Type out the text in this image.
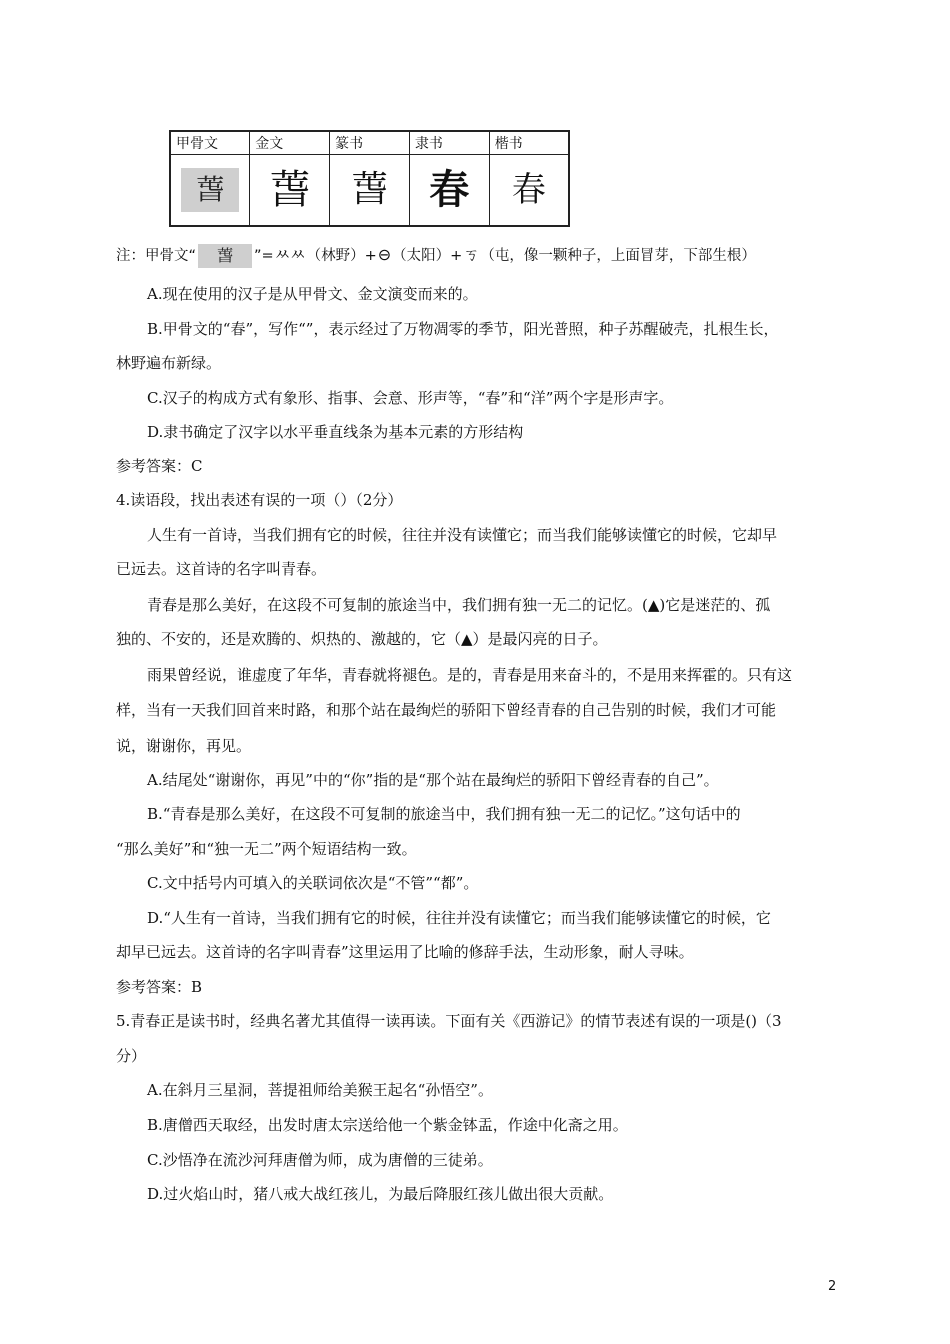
甲骨文	金文	篆书	隶书	楷书
萅	萅	萅	春	春
注：甲骨文“ 萅 ”=ㅆㅆ（林野）+⊖（太阳）+ㄎ（屯，像一颗种子，上面冒芽，下部生根）
A.现在使用的汉子是从甲骨文、金文演变而来的。
B.甲骨文的“春”，写作“”，表示经过了万物凋零的季节，阳光普照，种子苏醒破壳，扎根生长，
林野遍布新绿。
C.汉子的构成方式有象形、指事、会意、形声等，“春”和“洋”两个字是形声字。
D.隶书确定了汉字以水平垂直线条为基本元素的方形结构
参考答案：C
4.读语段，找出表述有误的一项（）（2分）
人生有一首诗，当我们拥有它的时候，往往并没有读懂它；而当我们能够读懂它的时候，它却早
已远去。这首诗的名字叫青春。
青春是那么美好，在这段不可复制的旅途当中，我们拥有独一无二的记忆。(▲)它是迷茫的、孤
独的、不安的，还是欢腾的、炽热的、激越的，它（▲）是最闪亮的日子。
雨果曾经说，谁虚度了年华，青春就将褪色。是的，青春是用来奋斗的，不是用来挥霍的。只有这
样，当有一天我们回首来时路，和那个站在最绚烂的骄阳下曾经青春的自己告别的时候，我们才可能
说，谢谢你，再见。
A.结尾处“谢谢你，再见”中的“你”指的是“那个站在最绚烂的骄阳下曾经青春的自己”。
B.“青春是那么美好，在这段不可复制的旅途当中，我们拥有独一无二的记忆。”这句话中的
“那么美好”和“独一无二”两个短语结构一致。
C.文中括号内可填入的关联词依次是“不管”“都”。
D.“人生有一首诗，当我们拥有它的时候，往往并没有读懂它；而当我们能够读懂它的时候，它
却早已远去。这首诗的名字叫青春”这里运用了比喻的修辞手法，生动形象，耐人寻味。
参考答案：B
5.青春正是读书时，经典名著尤其值得一读再读。下面有关《西游记》的情节表述有误的一项是()（3
分）
A.在斜月三星洞，菩提祖师给美猴王起名“孙悟空”。
B.唐僧西天取经，出发时唐太宗送给他一个紫金钵盂，作途中化斋之用。
C.沙悟净在流沙河拜唐僧为师，成为唐僧的三徒弟。
D.过火焰山时，猪八戒大战红孩儿，为最后降服红孩儿做出很大贡献。
2
